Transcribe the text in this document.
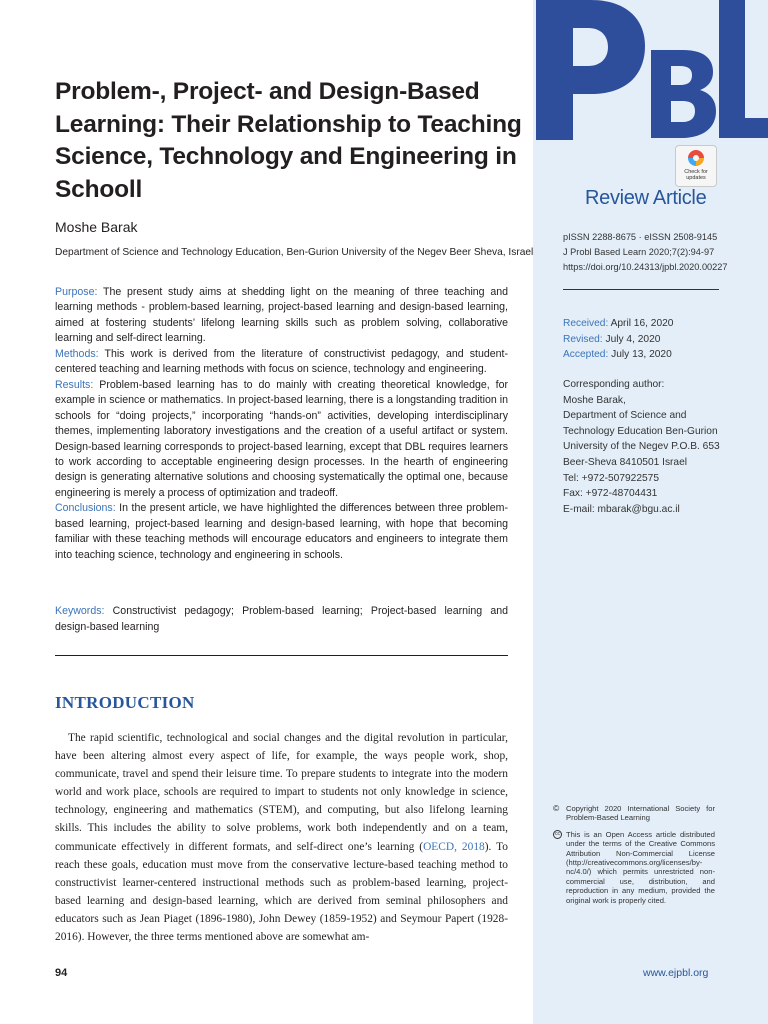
Check for
updates
Review Article
pISSN 2288-8675 · eISSN 2508-9145
J Probl Based Learn 2020;7(2):94-97
https://doi.org/10.24313/jpbl.2020.00227
Received: April 16, 2020
Revised: July 4, 2020
Accepted: July 13, 2020
Corresponding author:
Moshe Barak,
Department of Science and
Technology Education Ben-Gurion
University of the Negev P.O.B. 653
Beer-Sheva 8410501 Israel
Tel: +972-507922575
Fax: +972-48704431
E-mail: mbarak@bgu.ac.il
© Copyright 2020 International Society for Problem-Based Learning
cc This is an Open Access article distributed under the terms of the Creative Commons Attribution Non-Commercial License (http://creativecommons.org/licenses/by-nc/4.0/) which permits unrestricted non-commercial use, distribution, and reproduction in any medium, provided the original work is properly cited.
www.ejpbl.org
Problem-, Project- and Design-Based Learning: Their Relationship to Teaching Science, Technology and Engineering in Schooll
Moshe Barak
Department of Science and Technology Education, Ben-Gurion University of the Negev Beer Sheva, Israel

Purpose: The present study aims at shedding light on the meaning of three teaching and learning methods - problem-based learning, project-based learning and design-based learning, aimed at fostering students’ lifelong learning skills such as problem solving, collaborative learning and self-direct learning.

Methods: This work is derived from the literature of constructivist pedagogy, and student-centered teaching and learning methods with focus on science, technology and engineering.

Results: Problem-based learning has to do mainly with creating theoretical knowledge, for example in science or mathematics. In project-based learning, there is a longstanding tradition in schools for “doing projects,” incorporating “hands-on” activities, developing interdisciplinary themes, implementing laboratory investigations and the creation of a useful artifact or system. Design-based learning corresponds to project-based learning, except that DBL requires learners to work according to acceptable engineering design processes. In the hearth of engineering design is generating alternative solutions and choosing systematically the optimal one, because engineering is merely a process of optimization and tradeoff.

Conclusions: In the present article, we have highlighted the differences between three problem-based learning, project-based learning and design-based learning, with hope that becoming familiar with these teaching methods will encourage educators and engineers to integrate them into teaching science, technology and engineering in schools.

Keywords: Constructivist pedagogy; Problem-based learning; Project-based learning and design-based learning
INTRODUCTION

The rapid scientific, technological and social changes and the digital revolution in particular, have been altering almost every aspect of life, for example, the ways people work, shop, communicate, travel and spend their leisure time. To prepare students to integrate into the modern world and work place, schools are required to impart to students not only knowledge in science, technology, engineering and mathematics (STEM), and computing, but also lifelong learning skills. This includes the ability to solve problems, work both independently and on a team, communicate effectively in different formats, and self-direct one’s learning (OECD, 2018). To reach these goals, education must move from the conservative lecture-based teaching method to constructivist learner-centered instructional methods such as problem-based learning, project-based learning and design-based learning, which are derived from seminal philosophers and educators such as Jean Piaget (1896-1980), John Dewey (1859-1952) and Seymour Papert (1928-2016). However, the three terms mentioned above are somewhat am-

94
